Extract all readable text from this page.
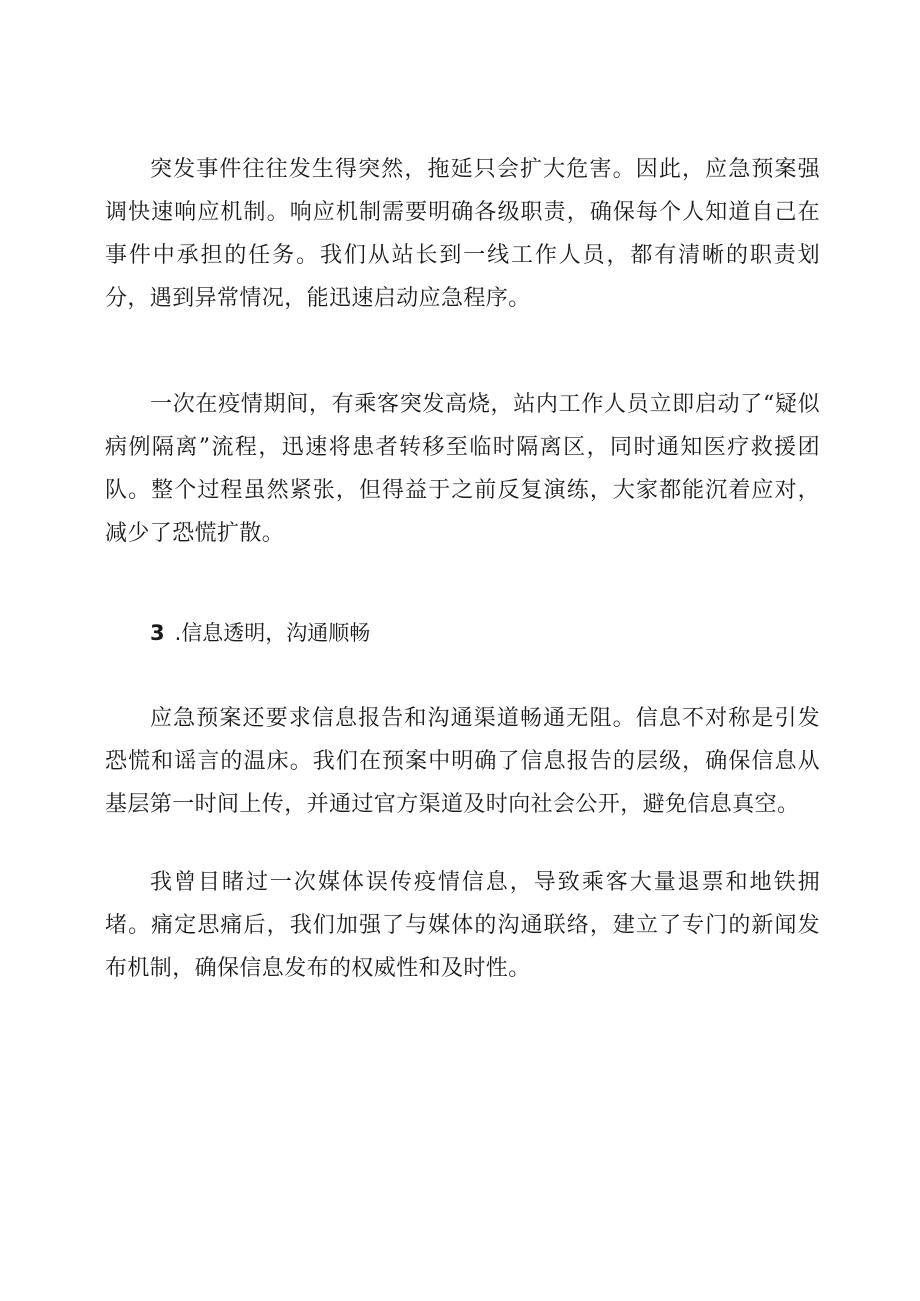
突发事件往往发生得突然，拖延只会扩大危害。因此，应急预案强调快速响应机制。响应机制需要明确各级职责，确保每个人知道自己在事件中承担的任务。我们从站长到一线工作人员，都有清晰的职责划分，遇到异常情况，能迅速启动应急程序。

一次在疫情期间，有乘客突发高烧，站内工作人员立即启动了“疑似病例隔离”流程，迅速将患者转移至临时隔离区，同时通知医疗救援团队。整个过程虽然紧张，但得益于之前反复演练，大家都能沉着应对，减少了恐慌扩散。

3 .信息透明，沟通顺畅

应急预案还要求信息报告和沟通渠道畅通无阻。信息不对称是引发恐慌和谣言的温床。我们在预案中明确了信息报告的层级，确保信息从基层第一时间上传，并通过官方渠道及时向社会公开，避免信息真空。

我曾目睹过一次媒体误传疫情信息，导致乘客大量退票和地铁拥堵。痛定思痛后，我们加强了与媒体的沟通联络，建立了专门的新闻发布机制，确保信息发布的权威性和及时性。
